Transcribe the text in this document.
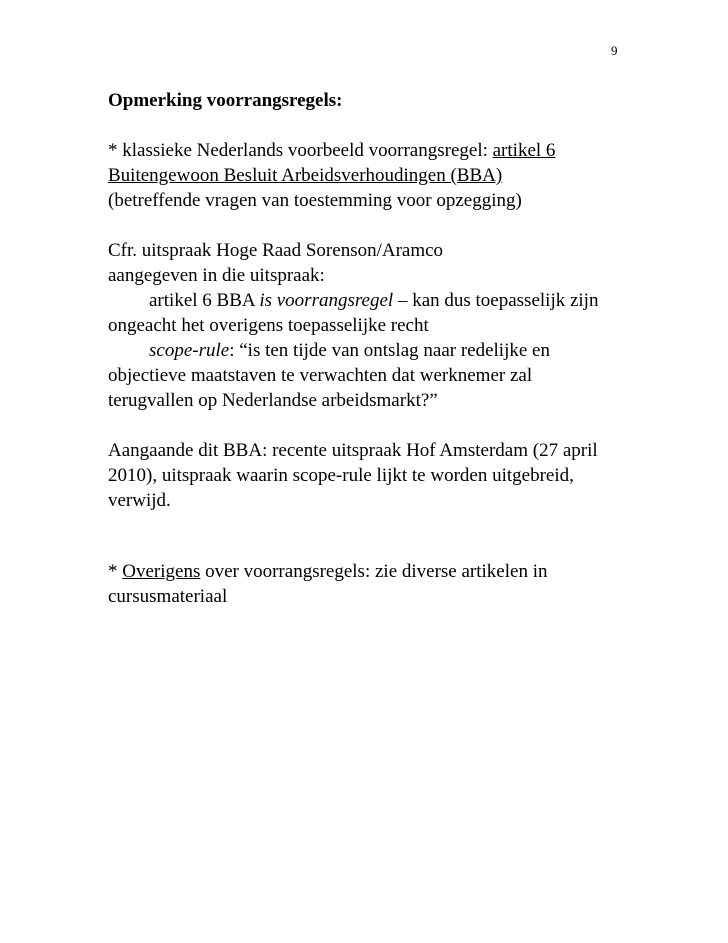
9
Opmerking voorrangsregels:
* klassieke Nederlands voorbeeld voorrangsregel: artikel 6
Buitengewoon Besluit Arbeidsverhoudingen (BBA)
(betreffende vragen van toestemming voor opzegging)
Cfr. uitspraak Hoge Raad Sorenson/Aramco
aangegeven in die uitspraak:
artikel 6 BBA is voorrangsregel – kan dus toepasselijk zijn
ongeacht het overigens toepasselijke recht
scope-rule: “is ten tijde van ontslag naar redelijke en
objectieve maatstaven te verwachten dat werknemer zal
terugvallen op Nederlandse arbeidsmarkt?”
Aangaande dit BBA: recente uitspraak Hof Amsterdam (27 april
2010), uitspraak waarin scope-rule lijkt te worden uitgebreid,
verwijd.
* Overigens over voorrangsregels: zie diverse artikelen in
cursusmateriaal
